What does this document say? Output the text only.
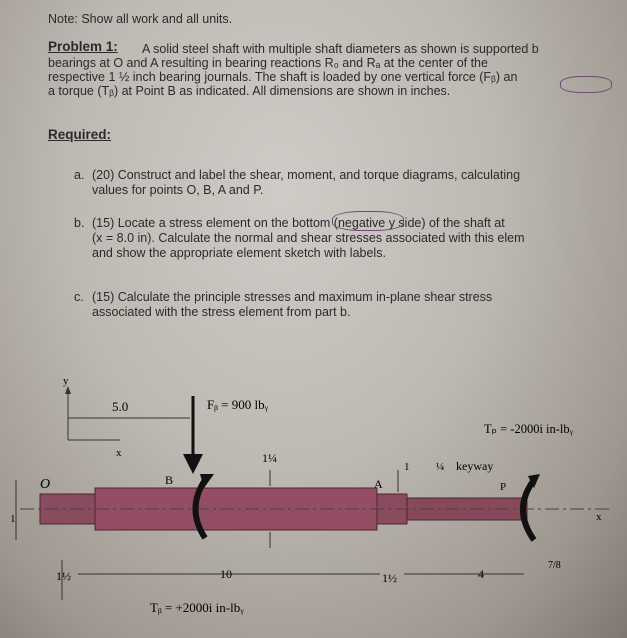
Note: Show all work and all units.
Problem 1: A solid steel shaft with multiple shaft diameters as shown is supported b
bearings at O and A resulting in bearing reactions R₀ and Rₐ at the center of the
respective 1 ½ inch bearing journals. The shaft is loaded by one vertical force (Fᵦ) an
a torque (Tᵦ) at Point B as indicated. All dimensions are shown in inches.
Required:
a. (20) Construct and label the shear, moment, and torque diagrams, calculating
values for points O, B, A and P.
b. (15) Locate a stress element on the bottom (negative y side) of the shaft at
(x = 8.0 in). Calculate the normal and shear stresses associated with this elem
and show the appropriate element sketch with labels.
c. (15) Calculate the principle stresses and maximum in-plane shear stress
associated with the stress element from part b.
y
x
5.0	Fᵦ = 900 lbᵧ
Tₚ = -2000i in-lbᵧ
x
O	B	A	P
keyway
¼
1¼
1
1
1½	10	1½	4
7/8
Tᵦ = +2000i in-lbᵧ
